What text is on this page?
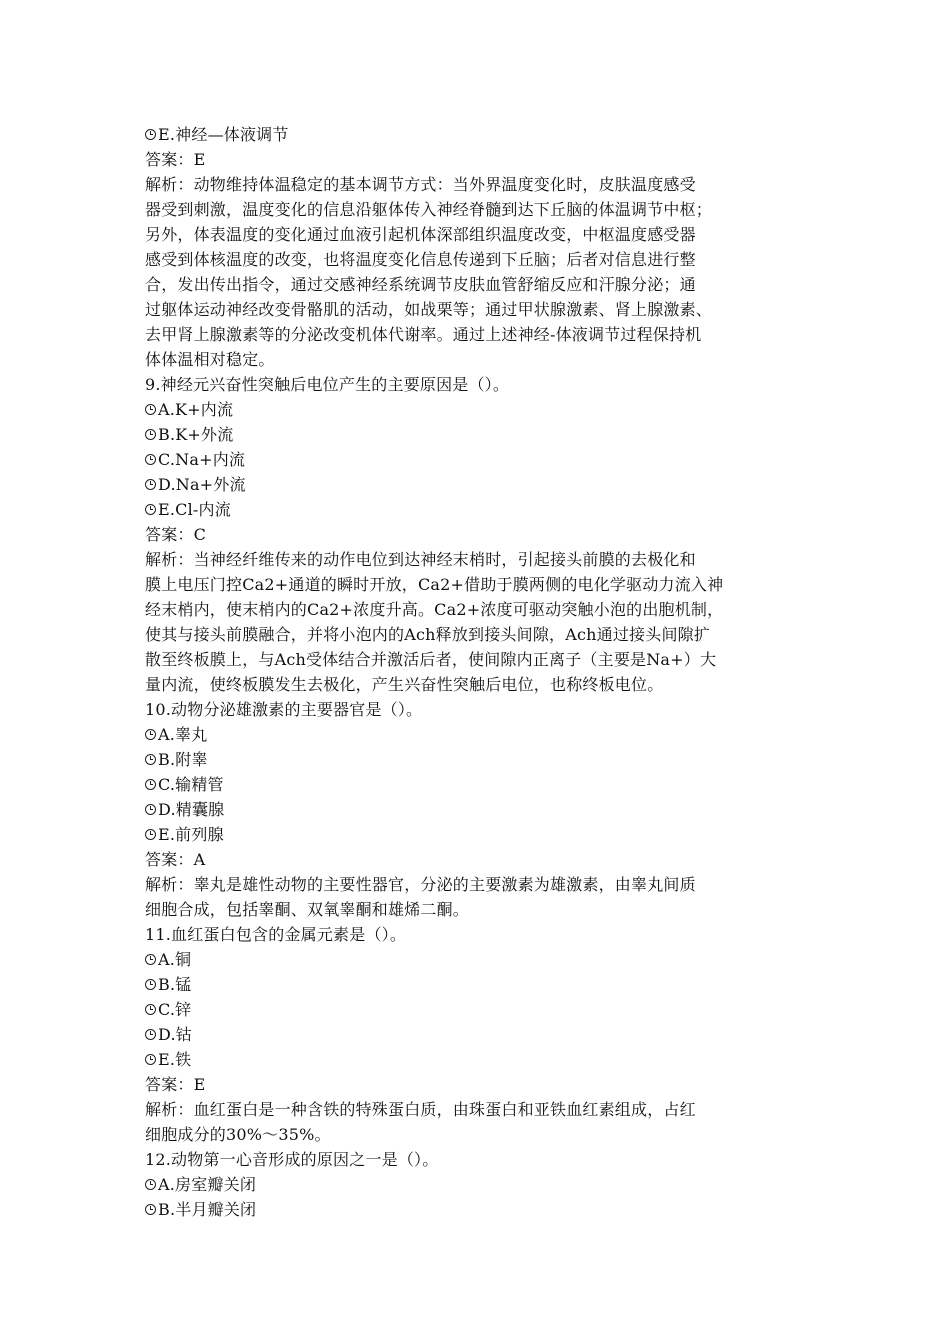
E.神经—体液调节
答案：E
解析：动物维持体温稳定的基本调节方式：当外界温度变化时，皮肤温度感受
器受到刺激，温度变化的信息沿躯体传入神经脊髓到达下丘脑的体温调节中枢；
另外，体表温度的变化通过血液引起机体深部组织温度改变，中枢温度感受器
感受到体核温度的改变，也将温度变化信息传递到下丘脑；后者对信息进行整
合，发出传出指令，通过交感神经系统调节皮肤血管舒缩反应和汗腺分泌；通
过躯体运动神经改变骨骼肌的活动，如战栗等；通过甲状腺激素、肾上腺激素、
去甲肾上腺激素等的分泌改变机体代谢率。通过上述神经-体液调节过程保持机
体体温相对稳定。
9.神经元兴奋性突触后电位产生的主要原因是（）。
A.K+内流
B.K+外流
C.Na+内流
D.Na+外流
E.Cl-内流
答案：C
解析：当神经纤维传来的动作电位到达神经末梢时，引起接头前膜的去极化和
膜上电压门控Ca2+通道的瞬时开放，Ca2+借助于膜两侧的电化学驱动力流入神
经末梢内，使末梢内的Ca2+浓度升高。Ca2+浓度可驱动突触小泡的出胞机制，
使其与接头前膜融合，并将小泡内的Ach释放到接头间隙，Ach通过接头间隙扩
散至终板膜上，与Ach受体结合并激活后者，使间隙内正离子（主要是Na+）大
量内流，使终板膜发生去极化，产生兴奋性突触后电位，也称终板电位。
10.动物分泌雄激素的主要器官是（）。
A.睾丸
B.附睾
C.输精管
D.精囊腺
E.前列腺
答案：A
解析：睾丸是雄性动物的主要性器官，分泌的主要激素为雄激素，由睾丸间质
细胞合成，包括睾酮、双氧睾酮和雄烯二酮。
11.血红蛋白包含的金属元素是（）。
A.铜
B.锰
C.锌
D.钴
E.铁
答案：E
解析：血红蛋白是一种含铁的特殊蛋白质，由珠蛋白和亚铁血红素组成，占红
细胞成分的30%～35%。
12.动物第一心音形成的原因之一是（）。
A.房室瓣关闭
B.半月瓣关闭
